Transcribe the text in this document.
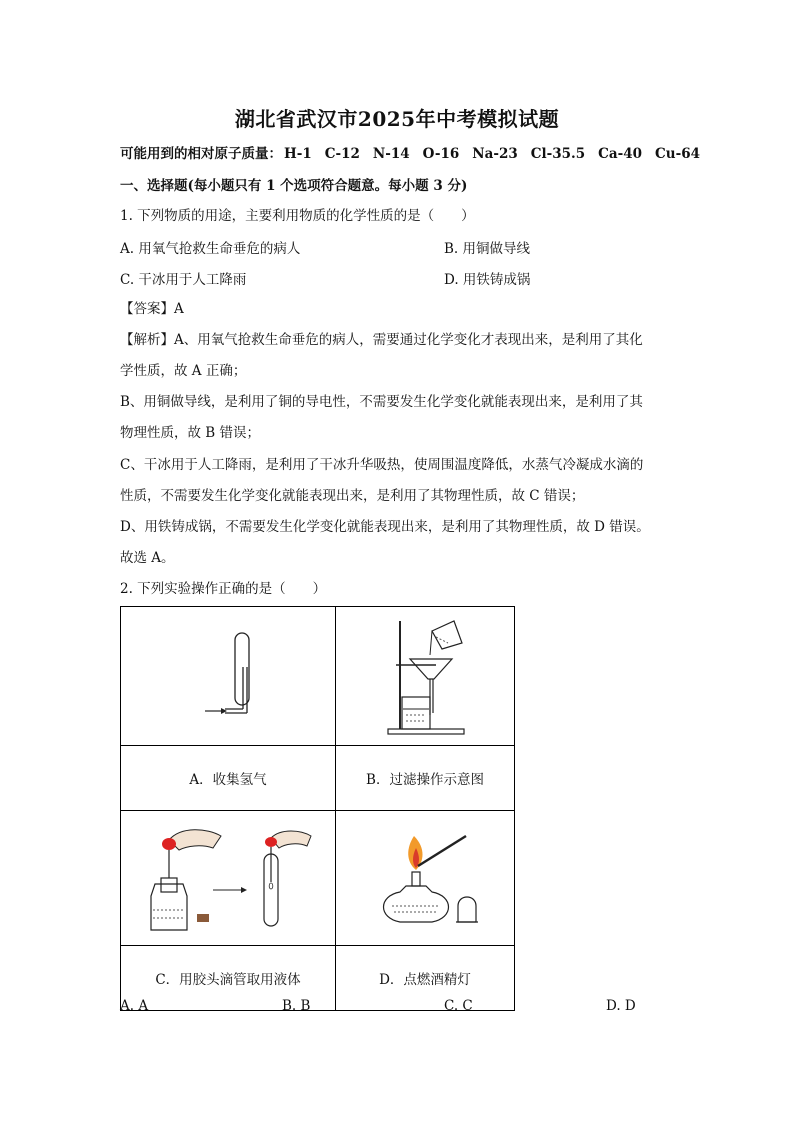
湖北省武汉市2025年中考模拟试题
可能用到的相对原子质量： H-1 C-12 N-14 O-16 Na-23 Cl-35.5 Ca-40 Cu-64
一、选择题(每小题只有 1 个选项符合题意。每小题 3 分)
1. 下列物质的用途，主要利用物质的化学性质的是（　　）
A. 用氧气抢救生命垂危的病人	B. 用铜做导线
C. 干冰用于人工降雨	D. 用铁铸成锅
【答案】A
【解析】A、用氧气抢救生命垂危的病人，需要通过化学变化才表现出来，是利用了其化
学性质，故 A 正确；
B、用铜做导线，是利用了铜的导电性，不需要发生化学变化就能表现出来，是利用了其
物理性质，故 B 错误；
C、干冰用于人工降雨，是利用了干冰升华吸热，使周围温度降低，水蒸气冷凝成水滴的
性质，不需要发生化学变化就能表现出来，是利用了其物理性质，故 C 错误；
D、用铁铸成锅，不需要发生化学变化就能表现出来，是利用了其物理性质，故 D 错误。
故选 A。
2. 下列实验操作正确的是（　　）

A．收集氢气	B．过滤操作示意图

C．用胶头滴管取用液体	D．点燃酒精灯
A. A	B. B	C. C	D. D
